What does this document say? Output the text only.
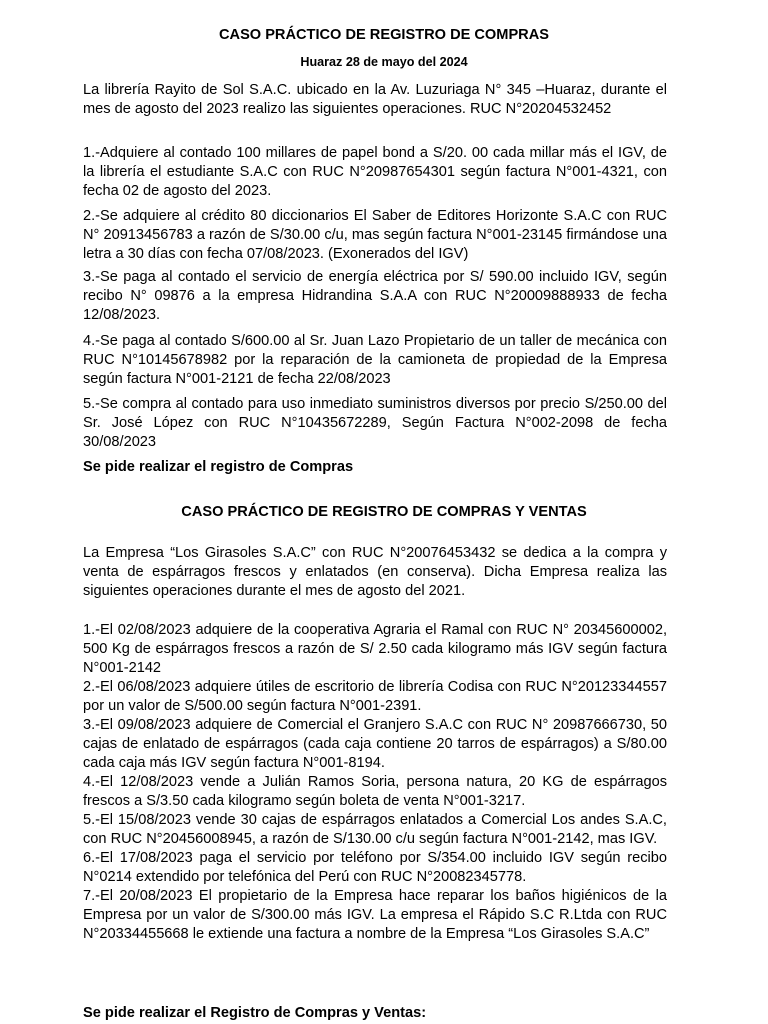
CASO PRÁCTICO DE REGISTRO DE COMPRAS

Huaraz 28 de mayo del 2024

La librería Rayito de Sol S.A.C. ubicado en la Av. Luzuriaga N° 345 –Huaraz, durante el mes de agosto del 2023 realizo las siguientes operaciones. RUC N°20204532452

1.-Adquiere al contado 100 millares de papel bond a S/20. 00 cada millar más el IGV, de la librería el estudiante S.A.C con RUC N°20987654301 según factura N°001-4321, con fecha 02 de agosto del 2023.

2.-Se adquiere al crédito 80 diccionarios El Saber de Editores Horizonte S.A.C con RUC N° 20913456783 a razón de S/30.00 c/u, mas según factura N°001-23145 firmándose una letra a 30 días con fecha 07/08/2023. (Exonerados del IGV)

3.-Se paga al contado el servicio de energía eléctrica por S/ 590.00 incluido IGV, según recibo N° 09876 a la empresa Hidrandina S.A.A con RUC N°20009888933 de fecha 12/08/2023.

4.-Se paga al contado S/600.00 al Sr. Juan Lazo Propietario de un taller de mecánica con RUC N°10145678982 por la reparación de la camioneta de propiedad de la Empresa según factura N°001-2121 de fecha 22/08/2023

5.-Se compra al contado para uso inmediato suministros diversos por precio S/250.00 del Sr. José López con RUC N°10435672289, Según Factura N°002-2098 de fecha 30/08/2023

Se pide realizar el registro de Compras

CASO PRÁCTICO DE REGISTRO DE COMPRAS Y VENTAS

La Empresa “Los Girasoles S.A.C” con RUC N°20076453432 se dedica a la compra y venta de espárragos frescos y enlatados (en conserva). Dicha Empresa realiza las siguientes operaciones durante el mes de agosto del 2021.

1.-El 02/08/2023 adquiere de la cooperativa Agraria el Ramal con RUC N° 20345600002, 500 Kg de espárragos frescos a razón de S/ 2.50 cada kilogramo más IGV según factura N°001-2142
2.-El 06/08/2023 adquiere útiles de escritorio de librería Codisa con RUC N°20123344557 por un valor de S/500.00 según factura N°001-2391.
3.-El 09/08/2023 adquiere de Comercial el Granjero S.A.C con RUC N° 20987666730, 50 cajas de enlatado de espárragos (cada caja contiene 20 tarros de espárragos) a S/80.00 cada caja más IGV según factura N°001-8194.
4.-El 12/08/2023 vende a Julián Ramos Soria, persona natura, 20 KG de espárragos frescos a S/3.50 cada kilogramo según boleta de venta N°001-3217.
5.-El 15/08/2023 vende 30 cajas de espárragos enlatados a Comercial Los andes S.A.C, con RUC N°20456008945, a razón de S/130.00 c/u según factura N°001-2142, mas IGV.
6.-El 17/08/2023 paga el servicio por teléfono por S/354.00 incluido IGV según recibo N°0214 extendido por telefónica del Perú con RUC N°20082345778.
7.-El 20/08/2023 El propietario de la Empresa hace reparar los baños higiénicos de la Empresa por un valor de S/300.00 más IGV. La empresa el Rápido S.C R.Ltda con RUC N°20334455668 le extiende una factura a nombre de la Empresa “Los Girasoles S.A.C”

Se pide realizar el Registro de Compras y Ventas:
